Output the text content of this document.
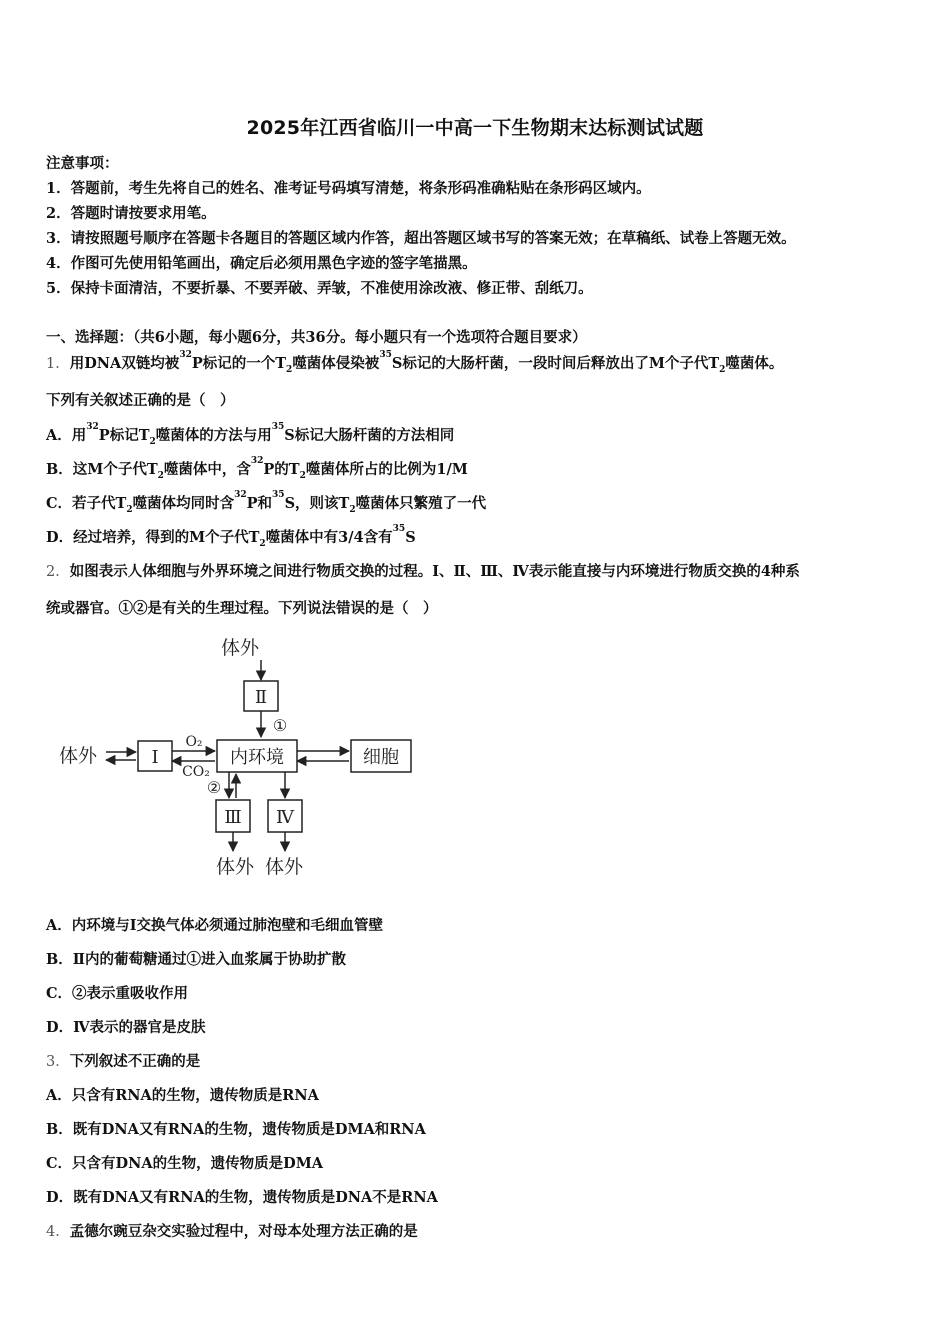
2025年江西省临川一中高一下生物期末达标测试试题
注意事项：
1．答题前，考生先将自己的姓名、准考证号码填写清楚，将条形码准确粘贴在条形码区域内。
2．答题时请按要求用笔。
3．请按照题号顺序在答题卡各题目的答题区域内作答，超出答题区域书写的答案无效；在草稿纸、试卷上答题无效。
4．作图可先使用铅笔画出，确定后必须用黑色字迹的签字笔描黑。
5．保持卡面清洁，不要折暴、不要弄破、弄皱，不准使用涂改液、修正带、刮纸刀。
一、选择题：（共6小题，每小题6分，共36分。每小题只有一个选项符合题目要求）
1．用DNA双链均被$^{32}$P标记的一个$T_2$噬菌体侵染被$^{35}$S标记的大肠杆菌，一段时间后释放出了M个子代$T_2$噬菌体。
下列有关叙述正确的是（　）
A．用$^{32}$P标记$T_2$噬菌体的方法与用$^{35}$S标记大肠杆菌的方法相同
B．这M个子代$T_2$噬菌体中，含$^{32}$P的$T_2$噬菌体所占的比例为1/M
C．若子代$T_2$噬菌体均同时含$^{32}$P和$^{35}$S，则该$T_2$噬菌体只繁殖了一代
D．经过培养，得到的M个子代$T_2$噬菌体中有3/4含有$^{35}$S
2．如图表示人体细胞与外界环境之间进行物质交换的过程。Ⅰ、Ⅱ、Ⅲ、Ⅳ表示能直接与内环境进行物质交换的4种系
统或器官。①②是有关的生理过程。下列说法错误的是（　）
体外
Ⅱ
①
体外	Ⅰ
O₂
CO₂
内环境	细胞
②
Ⅲ Ⅳ
体外 体外
A．内环境与Ⅰ交换气体必须通过肺泡壁和毛细血管壁
B．Ⅱ内的葡萄糖通过①进入血浆属于协助扩散
C．②表示重吸收作用
D．Ⅳ表示的器官是皮肤
3．下列叙述不正确的是
A．只含有RNA的生物，遗传物质是RNA
B．既有DNA又有RNA的生物，遗传物质是DMA和RNA
C．只含有DNA的生物，遗传物质是DMA
D．既有DNA又有RNA的生物，遗传物质是DNA不是RNA
4．孟德尔豌豆杂交实验过程中，对母本处理方法正确的是
